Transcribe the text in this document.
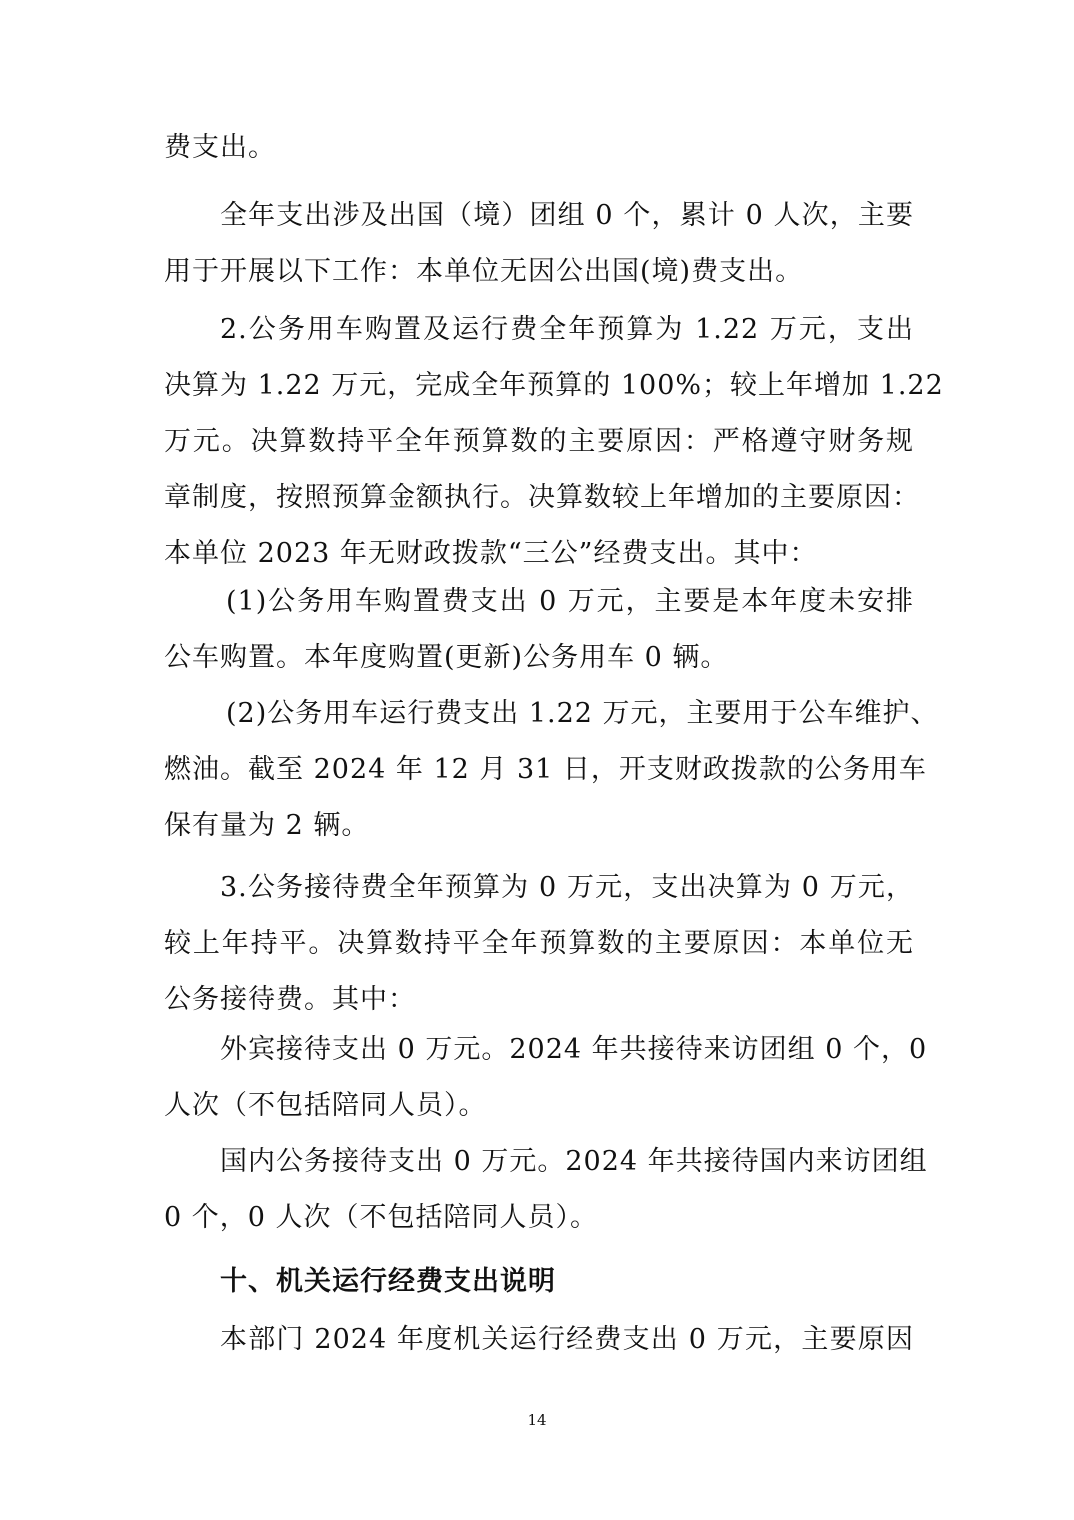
费支出。
全年支出涉及出国（境）团组 0 个，累计 0 人次，主要
用于开展以下工作：本单位无因公出国(境)费支出。
2.公务用车购置及运行费全年预算为 1.22 万元，支出
决算为 1.22 万元，完成全年预算的 100%；较上年增加 1.22
万元。决算数持平全年预算数的主要原因：严格遵守财务规
章制度，按照预算金额执行。决算数较上年增加的主要原因：
本单位 2023 年无财政拨款“三公”经费支出。其中：
(1)公务用车购置费支出 0 万元，主要是本年度未安排
公车购置。本年度购置(更新)公务用车 0 辆。
(2)公务用车运行费支出 1.22 万元，主要用于公车维护、
燃油。截至 2024 年 12 月 31 日，开支财政拨款的公务用车
保有量为 2 辆。
3.公务接待费全年预算为 0 万元，支出决算为 0 万元，
较上年持平。决算数持平全年预算数的主要原因：本单位无
公务接待费。其中：
外宾接待支出 0 万元。2024 年共接待来访团组 0 个，0
人次（不包括陪同人员）。
国内公务接待支出 0 万元。2024 年共接待国内来访团组
0 个，0 人次（不包括陪同人员）。
十、机关运行经费支出说明
本部门 2024 年度机关运行经费支出 0 万元，主要原因
14
